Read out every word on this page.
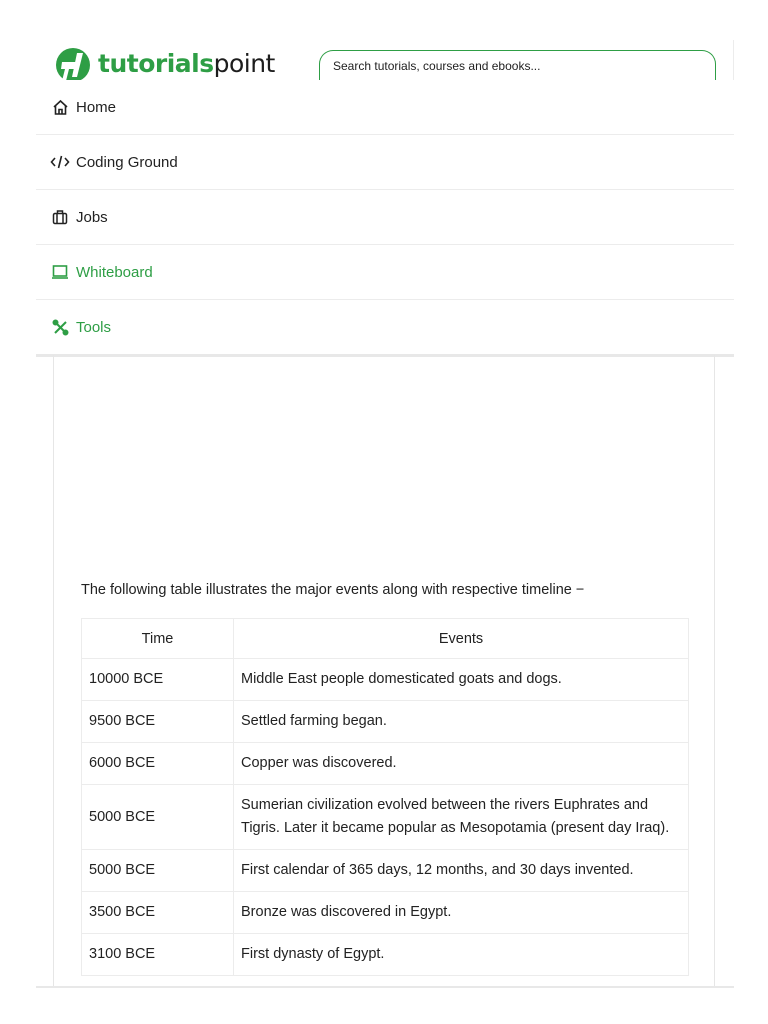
tutorialspoint	Search tutorials, courses and ebooks...
Home
Coding Ground
Jobs
Whiteboard
Tools

The following table illustrates the major events along with respective timeline −

Time	Events
10000 BCE	Middle East people domesticated goats and dogs.
9500 BCE	Settled farming began.
6000 BCE	Copper was discovered.
5000 BCE	Sumerian civilization evolved between the rivers Euphrates and Tigris. Later it became popular as Mesopotamia (present day Iraq).
5000 BCE	First calendar of 365 days, 12 months, and 30 days invented.
3500 BCE	Bronze was discovered in Egypt.
3100 BCE	First dynasty of Egypt.
